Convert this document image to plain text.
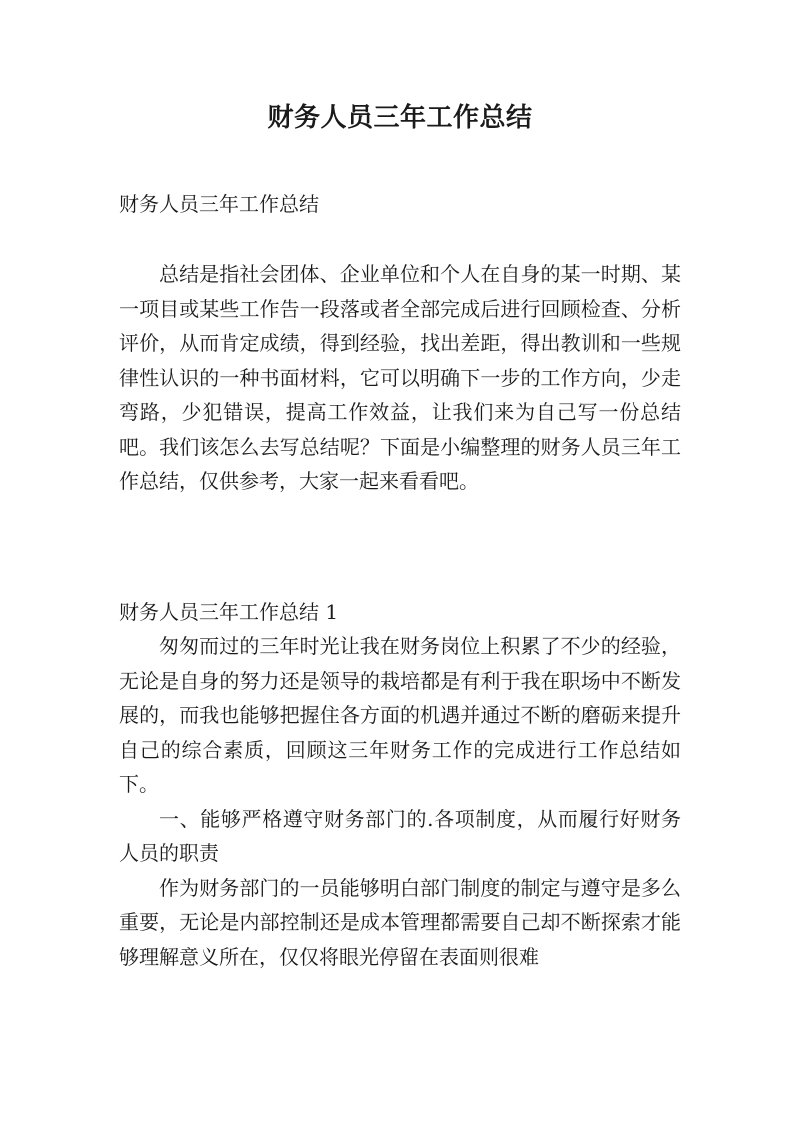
财务人员三年工作总结

财务人员三年工作总结

总结是指社会团体、企业单位和个人在自身的某一时期、某一项目或某些工作告一段落或者全部完成后进行回顾检查、分析评价，从而肯定成绩，得到经验，找出差距，得出教训和一些规律性认识的一种书面材料，它可以明确下一步的工作方向，少走弯路，少犯错误，提高工作效益，让我们来为自己写一份总结吧。我们该怎么去写总结呢？下面是小编整理的财务人员三年工作总结，仅供参考，大家一起来看看吧。

财务人员三年工作总结 1

匆匆而过的三年时光让我在财务岗位上积累了不少的经验，无论是自身的努力还是领导的栽培都是有利于我在职场中不断发展的，而我也能够把握住各方面的机遇并通过不断的磨砺来提升自己的综合素质，回顾这三年财务工作的完成进行工作总结如下。

一、能够严格遵守财务部门的.各项制度，从而履行好财务人员的职责

作为财务部门的一员能够明白部门制度的制定与遵守是多么重要，无论是内部控制还是成本管理都需要自己却不断探索才能够理解意义所在，仅仅将眼光停留在表面则很难
